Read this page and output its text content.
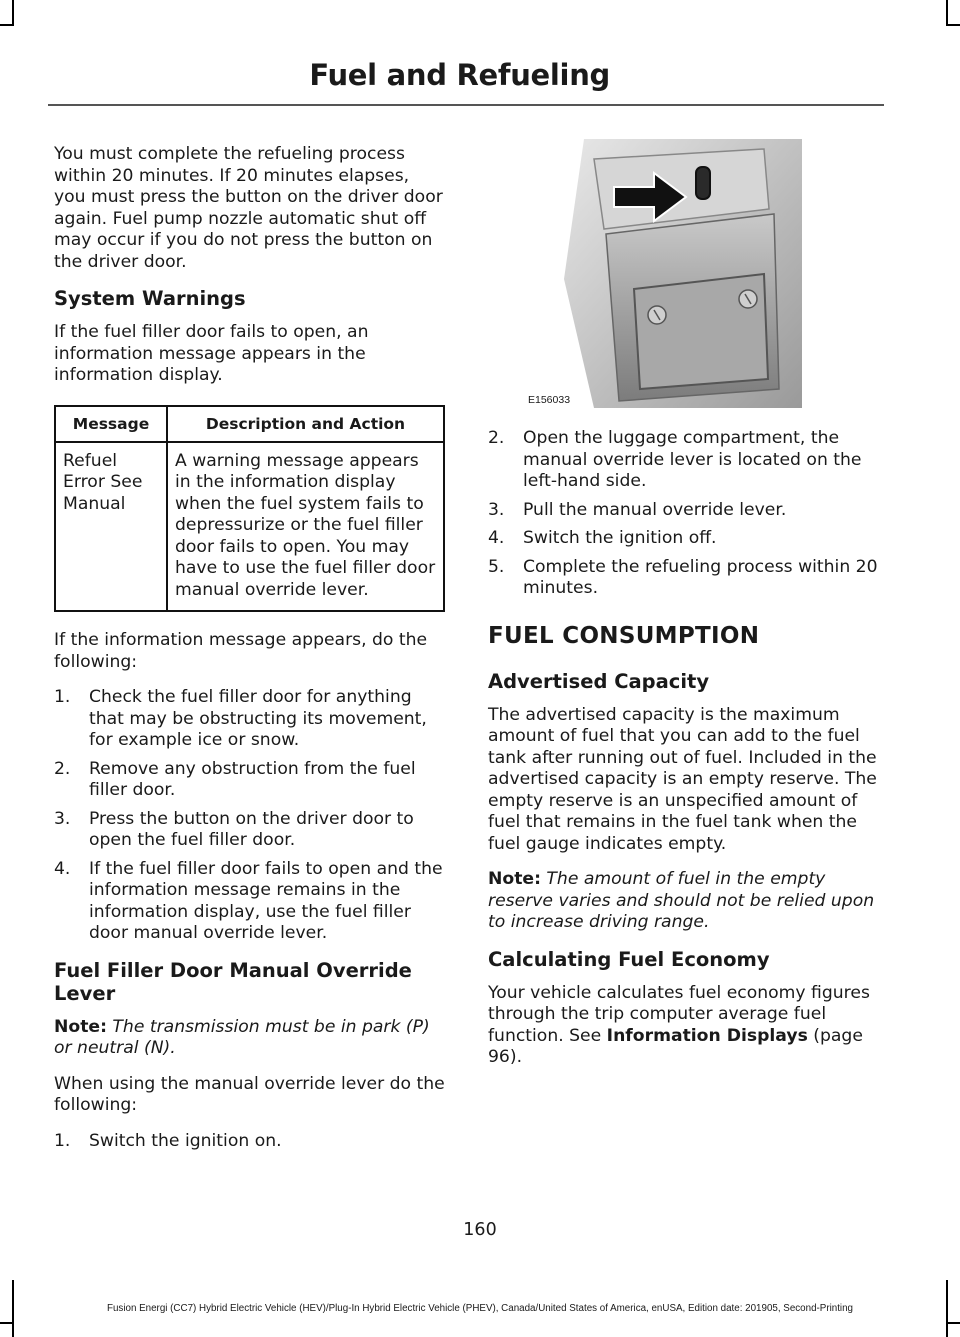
Fuel and Refueling

You must complete the refueling process within 20 minutes. If 20 minutes elapses, you must press the button on the driver door again. Fuel pump nozzle automatic shut off may occur if you do not press the button on the driver door.

System Warnings

If the fuel filler door fails to open, an information message appears in the information display.

Message	Description and Action
Refuel Error See Manual	A warning message appears in the information display when the fuel system fails to depressurize or the fuel filler door fails to open. You may have to use the fuel filler door manual override lever.

If the information message appears, do the following:

1. Check the fuel filler door for anything that may be obstructing its movement, for example ice or snow.
2. Remove any obstruction from the fuel filler door.
3. Press the button on the driver door to open the fuel filler door.
4. If the fuel filler door fails to open and the information message remains in the information display, use the fuel filler door manual override lever.
Fuel Filler Door Manual Override Lever

Note: The transmission must be in park (P) or neutral (N).

When using the manual override lever do the following:

1. Switch the ignition on.
E156033
2. Open the luggage compartment, the manual override lever is located on the left-hand side.
3. Pull the manual override lever.
4. Switch the ignition off.
5. Complete the refueling process within 20 minutes.
FUEL CONSUMPTION
Advertised Capacity

The advertised capacity is the maximum amount of fuel that you can add to the fuel tank after running out of fuel. Included in the advertised capacity is an empty reserve. The empty reserve is an unspecified amount of fuel that remains in the fuel tank when the fuel gauge indicates empty.

Note: The amount of fuel in the empty reserve varies and should not be relied upon to increase driving range.

Calculating Fuel Economy

Your vehicle calculates fuel economy figures through the trip computer average fuel function. See Information Displays (page 96).

160
Fusion Energi (CC7) Hybrid Electric Vehicle (HEV)/Plug-In Hybrid Electric Vehicle (PHEV), Canada/United States of America, enUSA, Edition date: 201905, Second-Printing
